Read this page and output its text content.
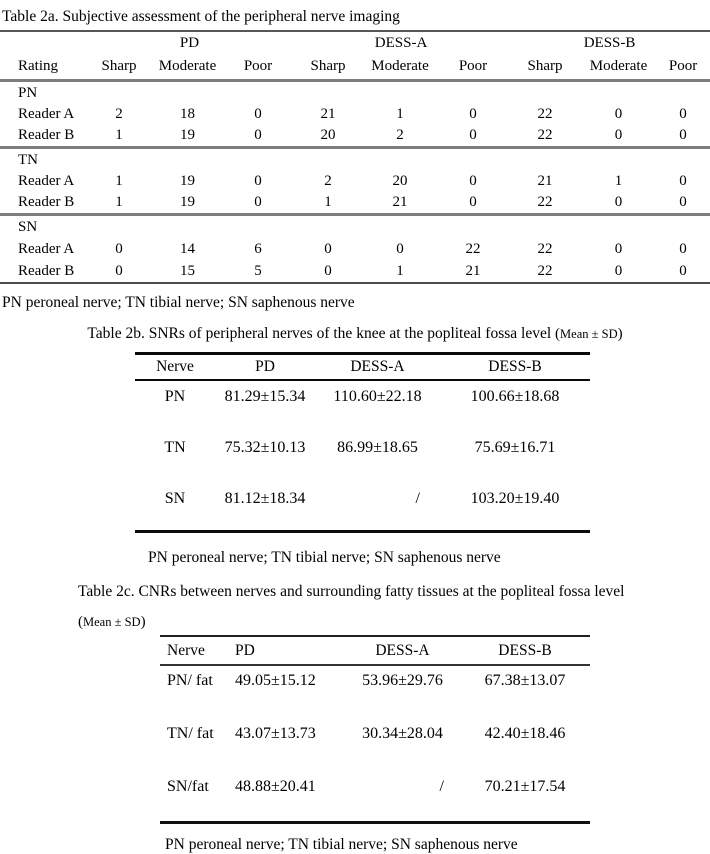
Table 2a. Subjective assessment of the peripheral nerve imaging
	PD			DESS-A			DESS-B		
Rating	Sharp	Moderate	Poor	Sharp	Moderate	Poor	Sharp	Moderate	Poor
PN									
Reader A	2	18	0	21	1	0	22	0	0
Reader B	1	19	0	20	2	0	22	0	0
TN									
Reader A	1	19	0	2	20	0	21	1	0
Reader B	1	19	0	1	21	0	22	0	0
SN									
Reader A	0	14	6	0	0	22	22	0	0
Reader B	0	15	5	0	1	21	22	0	0
PN peroneal nerve; TN tibial nerve; SN saphenous nerve
Table 2b. SNRs of peripheral nerves of the knee at the popliteal fossa level (Mean ± SD)
Nerve	PD	DESS-A	DESS-B
PN	81.29±15.34	110.60±22.18	100.66±18.68
TN	75.32±10.13	86.99±18.65	75.69±16.71
SN	81.12±18.34	/	103.20±19.40
PN peroneal nerve; TN tibial nerve; SN saphenous nerve
Table 2c. CNRs between nerves and surrounding fatty tissues at the popliteal fossa level
(Mean ± SD)
Nerve	PD	DESS-A	DESS-B
PN/ fat	49.05±15.12	53.96±29.76	67.38±13.07
TN/ fat	43.07±13.73	30.34±28.04	42.40±18.46
SN/fat	48.88±20.41	/	70.21±17.54
PN peroneal nerve; TN tibial nerve; SN saphenous nerve
